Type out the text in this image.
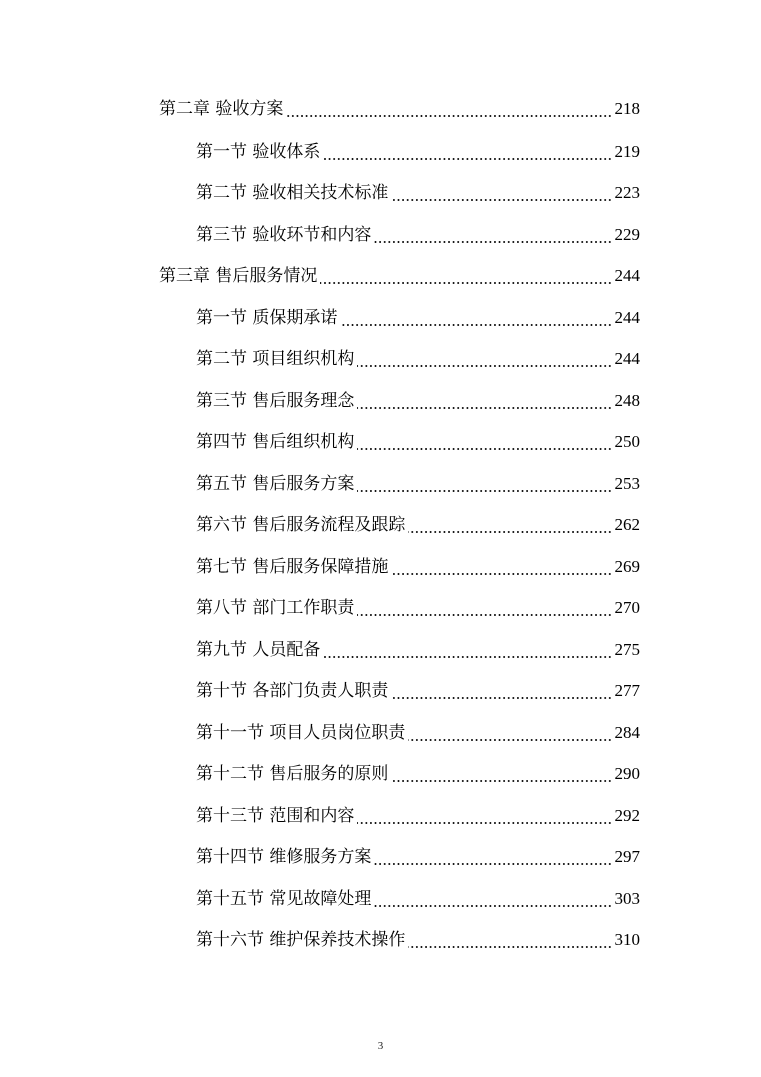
第二章 验收方案	218
第一节 验收体系	219
第二节 验收相关技术标准	223
第三节 验收环节和内容	229
第三章 售后服务情况	244
第一节 质保期承诺	244
第二节 项目组织机构	244
第三节 售后服务理念	248
第四节 售后组织机构	250
第五节 售后服务方案	253
第六节 售后服务流程及跟踪	262
第七节 售后服务保障措施	269
第八节 部门工作职责	270
第九节 人员配备	275
第十节 各部门负责人职责	277
第十一节 项目人员岗位职责	284
第十二节 售后服务的原则	290
第十三节 范围和内容	292
第十四节 维修服务方案	297
第十五节 常见故障处理	303
第十六节 维护保养技术操作	310
3
